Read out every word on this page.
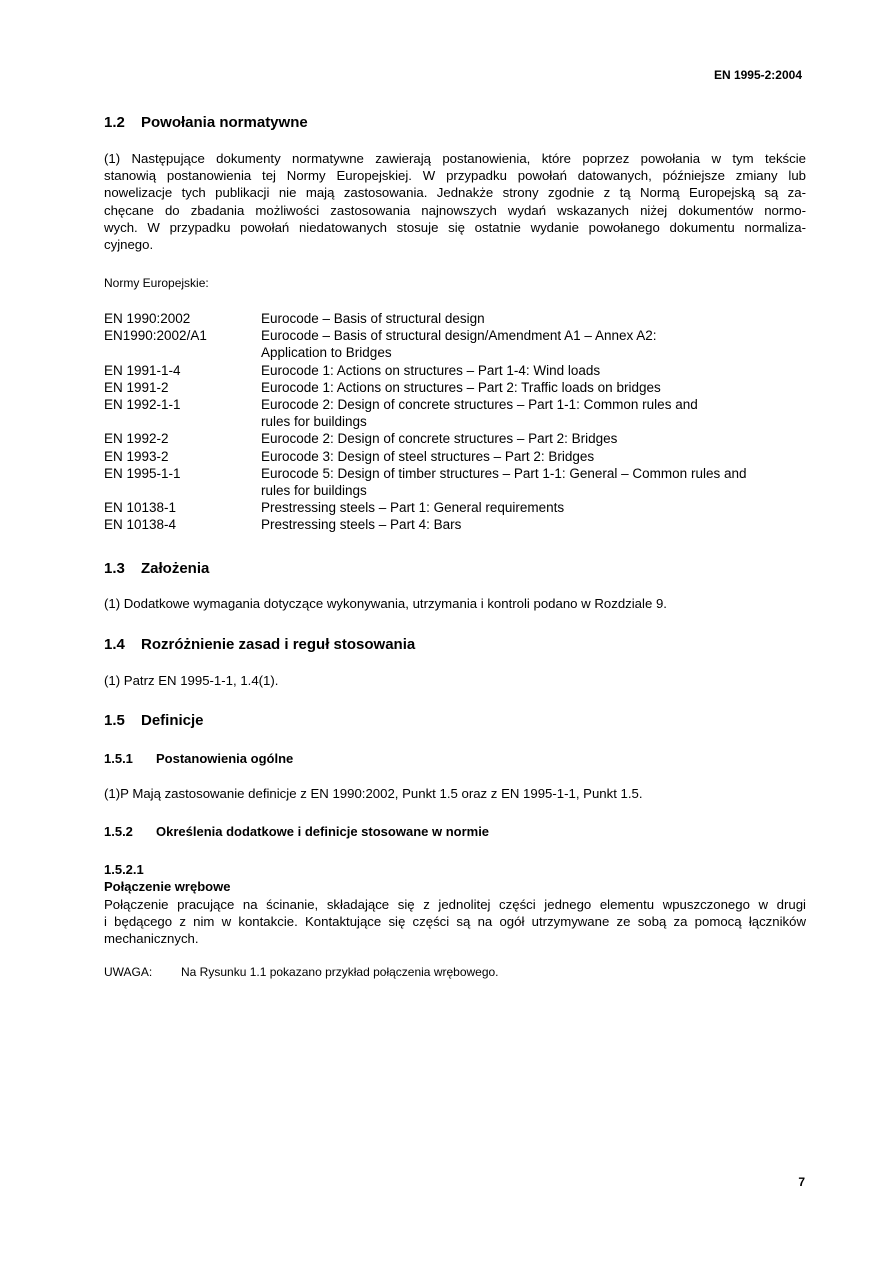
EN 1995-2:2004
1.2 Powołania normatywne
(1) Następujące dokumenty normatywne zawierają postanowienia, które poprzez powołania w tym tekście
stanowią postanowienia tej Normy Europejskiej. W przypadku powołań datowanych, późniejsze zmiany lub
nowelizacje tych publikacji nie mają zastosowania. Jednakże strony zgodnie z tą Normą Europejską są za-
chęcane do zbadania możliwości zastosowania najnowszych wydań wskazanych niżej dokumentów normo-
wych. W przypadku powołań niedatowanych stosuje się ostatnie wydanie powołanego dokumentu normaliza-
cyjnego.
Normy Europejskie:
EN 1990:2002	Eurocode – Basis of structural design
EN1990:2002/A1	Eurocode – Basis of structural design/Amendment A1 – Annex A2:
Application to Bridges
EN 1991-1-4	Eurocode 1: Actions on structures – Part 1-4: Wind loads
EN 1991-2	Eurocode 1: Actions on structures – Part 2: Traffic loads on bridges
EN 1992-1-1	Eurocode 2: Design of concrete structures – Part 1-1: Common rules and
rules for buildings
EN 1992-2	Eurocode 2: Design of concrete structures – Part 2: Bridges
EN 1993-2	Eurocode 3: Design of steel structures – Part 2: Bridges
EN 1995-1-1	Eurocode 5: Design of timber structures – Part 1-1: General – Common rules and
rules for buildings
EN 10138-1	Prestressing steels – Part 1: General requirements
EN 10138-4	Prestressing steels – Part 4: Bars
1.3 Założenia
(1) Dodatkowe wymagania dotyczące wykonywania, utrzymania i kontroli podano w Rozdziale 9.
1.4 Rozróżnienie zasad i reguł stosowania
(1) Patrz EN 1995-1-1, 1.4(1).
1.5 Definicje
1.5.1 Postanowienia ogólne
(1)P Mają zastosowanie definicje z EN 1990:2002, Punkt 1.5 oraz z EN 1995-1-1, Punkt 1.5.
1.5.2 Określenia dodatkowe i definicje stosowane w normie
1.5.2.1
Połączenie wrębowe
Połączenie pracujące na ścinanie, składające się z jednolitej części jednego elementu wpuszczonego w drugi
i będącego z nim w kontakcie. Kontaktujące się części są na ogół utrzymywane ze sobą za pomocą łączników
mechanicznych.
UWAGA: Na Rysunku 1.1 pokazano przykład połączenia wrębowego.
7
